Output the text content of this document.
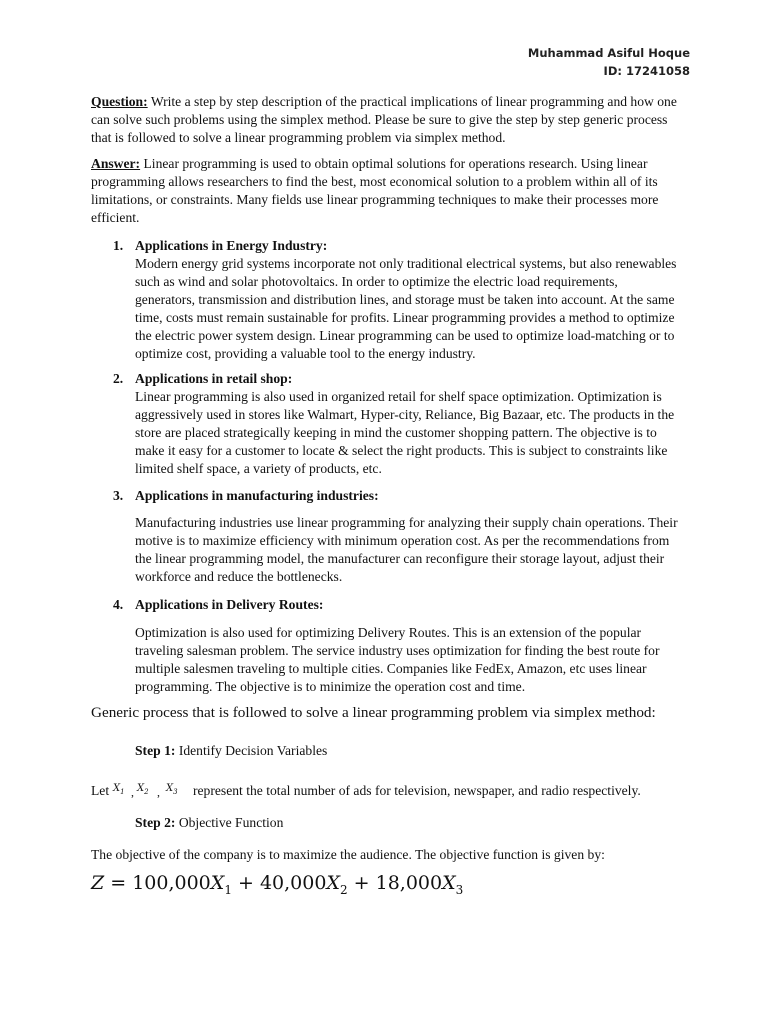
Muhammad Asiful Hoque
ID: 17241058

Question: Write a step by step description of the practical implications of linear programming and how one can solve such problems using the simplex method. Please be sure to give the step by step generic process that is followed to solve a linear programming problem via simplex method.

Answer: Linear programming is used to obtain optimal solutions for operations research. Using linear programming allows researchers to find the best, most economical solution to a problem within all of its limitations, or constraints. Many fields use linear programming techniques to make their processes more efficient.

1. Applications in Energy Industry:
Modern energy grid systems incorporate not only traditional electrical systems, but also renewables such as wind and solar photovoltaics. In order to optimize the electric load requirements, generators, transmission and distribution lines, and storage must be taken into account. At the same time, costs must remain sustainable for profits. Linear programming provides a method to optimize the electric power system design. Linear programming can be used to optimize load-matching or to optimize cost, providing a valuable tool to the energy industry.
2. Applications in retail shop:
Linear programming is also used in organized retail for shelf space optimization. Optimization is aggressively used in stores like Walmart, Hyper-city, Reliance, Big Bazaar, etc. The products in the store are placed strategically keeping in mind the customer shopping pattern. The objective is to make it easy for a customer to locate & select the right products. This is subject to constraints like limited shelf space, a variety of products, etc.
3. Applications in manufacturing industries:
Manufacturing industries use linear programming for analyzing their supply chain operations. Their motive is to maximize efficiency with minimum operation cost. As per the recommendations from the linear programming model, the manufacturer can reconfigure their storage layout, adjust their workforce and reduce the bottlenecks.
4. Applications in Delivery Routes:
Optimization is also used for optimizing Delivery Routes. This is an extension of the popular traveling salesman problem. The service industry uses optimization for finding the best route for multiple salesmen traveling to multiple cities. Companies like FedEx, Amazon, etc uses linear programming. The objective is to minimize the operation cost and time.
Generic process that is followed to solve a linear programming problem via simplex method:
Step 1: Identify Decision Variables
Let $X_1$ , $X_2$ , $X_3$ represent the total number of ads for television, newspaper, and radio respectively.
Step 2: Objective Function
The objective of the company is to maximize the audience. The objective function is given by:
$Z = 100,000X_1 + 40,000X_2 + 18,000X_3$
